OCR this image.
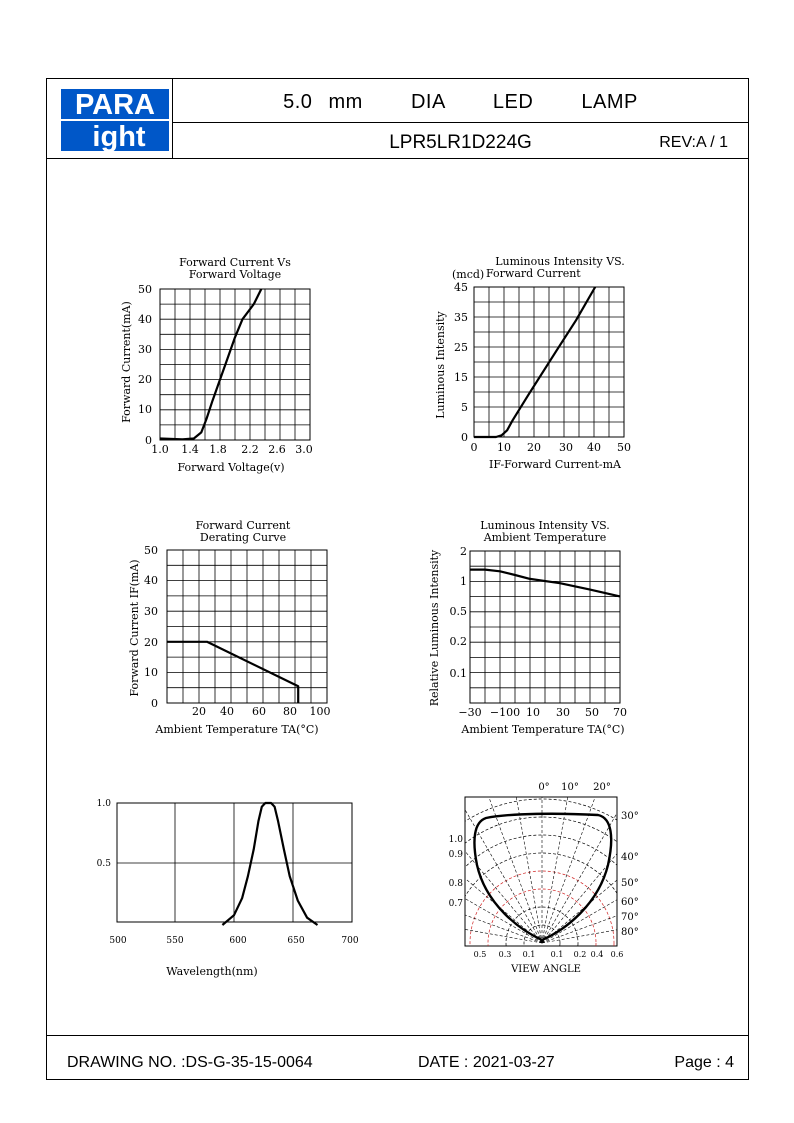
PARA
ight
5.0 mm   DIA   LED   LAMP
LPR5LR1D224G	REV:A / 1
Forward Current Vs
Forward Voltage
1.0 1.4 1.8 2.2 2.6 3.0
0
10
20
30
40
50
Forward Voltage(v)
Forward Current(mA)
Luminous Intensity VS.
(mcd) Forward Current
0 10 20 30 40 50
0
5
15
25
35
45
IF-Forward Current-mA
Luminous Intensity
Forward Current
Derating Curve
20 40 60 80 100
0
10
20
30
40
50
Ambient Temperature TA(°C)
Forward Current IF(mA)
Luminous Intensity VS.
Ambient Temperature
−30 −100 10 30 50 70
2
1
0.5
0.2
0.1
Ambient Temperature TA(°C)
Relative Luminous Intensity
500	550	600	650	700
1.0
0.5
Wavelength(nm)
0° 10° 20°
30°
40°
50°
60°
70°
80°
1.0
0.9
0.8
0.7
0.5 0.3 0.1 0.1 0.2 0.4 0.6
VIEW ANGLE
DRAWING NO. :DS-G-35-15-0064	DATE : 2021-03-27	Page : 4
